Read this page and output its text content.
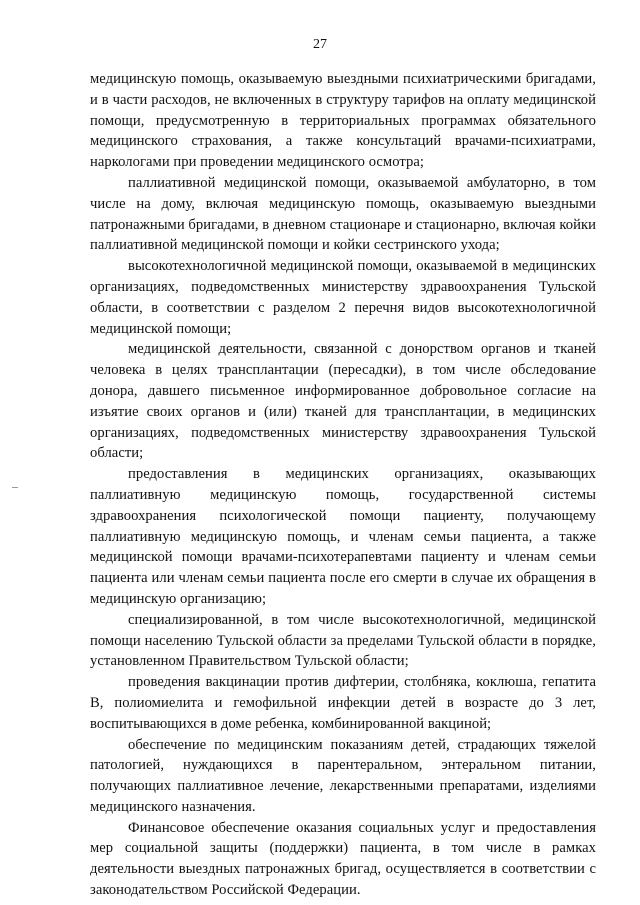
27

медицинскую помощь, оказываемую выездными психиатрическими бригадами, и в части расходов, не включенных в структуру тарифов на оплату медицинской помощи, предусмотренную в территориальных программах обязательного медицинского страхования, а также консультаций врачами-психиатрами, наркологами при проведении медицинского осмотра;

паллиативной медицинской помощи, оказываемой амбулаторно, в том числе на дому, включая медицинскую помощь, оказываемую выездными патронажными бригадами, в дневном стационаре и стационарно, включая койки паллиативной медицинской помощи и койки сестринского ухода;

высокотехнологичной медицинской помощи, оказываемой в медицинских организациях, подведомственных министерству здравоохранения Тульской области, в соответствии с разделом 2 перечня видов высокотехнологичной медицинской помощи;

медицинской деятельности, связанной с донорством органов и тканей человека в целях трансплантации (пересадки), в том числе обследование донора, давшего письменное информированное добровольное согласие на изъятие своих органов и (или) тканей для трансплантации, в медицинских организациях, подведомственных министерству здравоохранения Тульской области;

предоставления в медицинских организациях, оказывающих паллиативную медицинскую помощь, государственной системы здравоохранения психологической помощи пациенту, получающему паллиативную медицинскую помощь, и членам семьи пациента, а также медицинской помощи врачами-психотерапевтами пациенту и членам семьи пациента или членам семьи пациента после его смерти в случае их обращения в медицинскую организацию;

специализированной, в том числе высокотехнологичной, медицинской помощи населению Тульской области за пределами Тульской области в порядке, установленном Правительством Тульской области;

проведения вакцинации против дифтерии, столбняка, коклюша, гепатита В, полиомиелита и гемофильной инфекции детей в возрасте до 3 лет, воспитывающихся в доме ребенка, комбинированной вакциной;

обеспечение по медицинским показаниям детей, страдающих тяжелой патологией, нуждающихся в парентеральном, энтеральном питании, получающих паллиативное лечение, лекарственными препаратами, изделиями медицинского назначения.

Финансовое обеспечение оказания социальных услуг и предоставления мер социальной защиты (поддержки) пациента, в том числе в рамках деятельности выездных патронажных бригад, осуществляется в соответствии с законодательством Российской Федерации.
